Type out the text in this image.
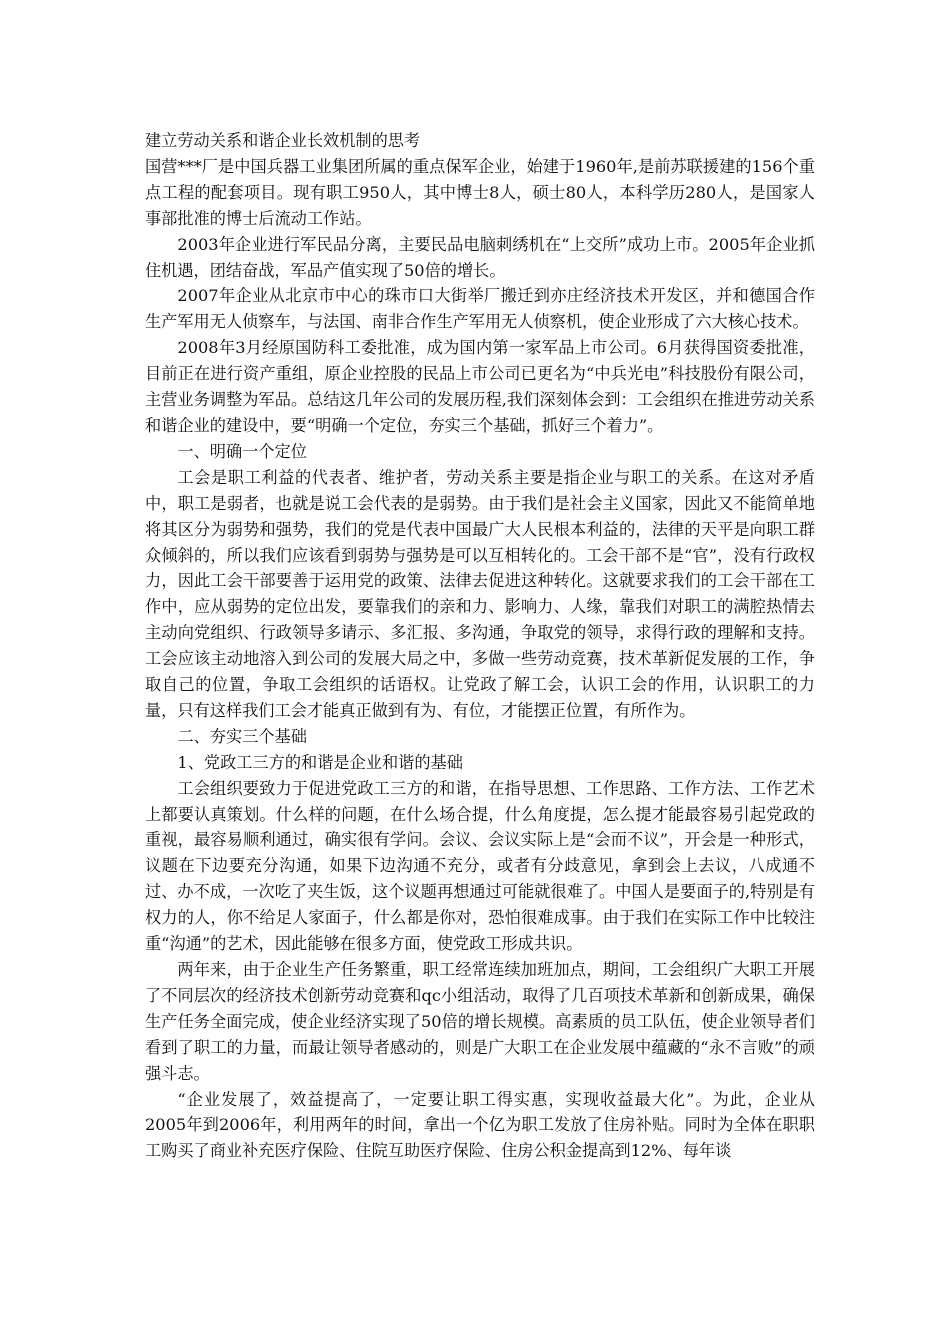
建立劳动关系和谐企业长效机制的思考

国营***厂是中国兵器工业集团所属的重点保军企业，始建于1960年,是前苏联援建的156个重点工程的配套项目。现有职工950人，其中博士8人，硕士80人，本科学历280人，是国家人事部批准的博士后流动工作站。

2003年企业进行军民品分离，主要民品电脑刺绣机在“上交所”成功上市。2005年企业抓住机遇，团结奋战，军品产值实现了50倍的增长。

2007年企业从北京市中心的珠市口大街举厂搬迁到亦庄经济技术开发区，并和德国合作生产军用无人侦察车，与法国、南非合作生产军用无人侦察机，使企业形成了六大核心技术。

2008年3月经原国防科工委批准，成为国内第一家军品上市公司。6月获得国资委批准，目前正在进行资产重组，原企业控股的民品上市公司已更名为“中兵光电”科技股份有限公司，主营业务调整为军品。总结这几年公司的发展历程,我们深刻体会到：工会组织在推进劳动关系和谐企业的建设中，要“明确一个定位，夯实三个基础，抓好三个着力”。

一、明确一个定位

工会是职工利益的代表者、维护者，劳动关系主要是指企业与职工的关系。在这对矛盾中，职工是弱者，也就是说工会代表的是弱势。由于我们是社会主义国家，因此又不能简单地将其区分为弱势和强势，我们的党是代表中国最广大人民根本利益的，法律的天平是向职工群众倾斜的，所以我们应该看到弱势与强势是可以互相转化的。工会干部不是“官”，没有行政权力，因此工会干部要善于运用党的政策、法律去促进这种转化。这就要求我们的工会干部在工作中，应从弱势的定位出发，要靠我们的亲和力、影响力、人缘，靠我们对职工的满腔热情去主动向党组织、行政领导多请示、多汇报、多沟通，争取党的领导，求得行政的理解和支持。工会应该主动地溶入到公司的发展大局之中，多做一些劳动竞赛，技术革新促发展的工作，争取自己的位置，争取工会组织的话语权。让党政了解工会，认识工会的作用，认识职工的力量，只有这样我们工会才能真正做到有为、有位，才能摆正位置，有所作为。

二、夯实三个基础

1、党政工三方的和谐是企业和谐的基础

工会组织要致力于促进党政工三方的和谐，在指导思想、工作思路、工作方法、工作艺术上都要认真策划。什么样的问题，在什么场合提，什么角度提，怎么提才能最容易引起党政的重视，最容易顺利通过，确实很有学问。会议、会议实际上是“会而不议”，开会是一种形式，议题在下边要充分沟通，如果下边沟通不充分，或者有分歧意见，拿到会上去议，八成通不过、办不成，一次吃了夹生饭，这个议题再想通过可能就很难了。中国人是要面子的,特别是有权力的人，你不给足人家面子，什么都是你对，恐怕很难成事。由于我们在实际工作中比较注重“沟通”的艺术，因此能够在很多方面，使党政工形成共识。

两年来，由于企业生产任务繁重，职工经常连续加班加点，期间，工会组织广大职工开展了不同层次的经济技术创新劳动竞赛和qc小组活动，取得了几百项技术革新和创新成果，确保生产任务全面完成，使企业经济实现了50倍的增长规模。高素质的员工队伍，使企业领导者们看到了职工的力量，而最让领导者感动的，则是广大职工在企业发展中蕴藏的“永不言败”的顽强斗志。

“企业发展了，效益提高了，一定要让职工得实惠，实现收益最大化”。为此，企业从2005年到2006年，利用两年的时间，拿出一个亿为职工发放了住房补贴。同时为全体在职职工购买了商业补充医疗保险、住院互助医疗保险、住房公积金提高到12%、每年谈
